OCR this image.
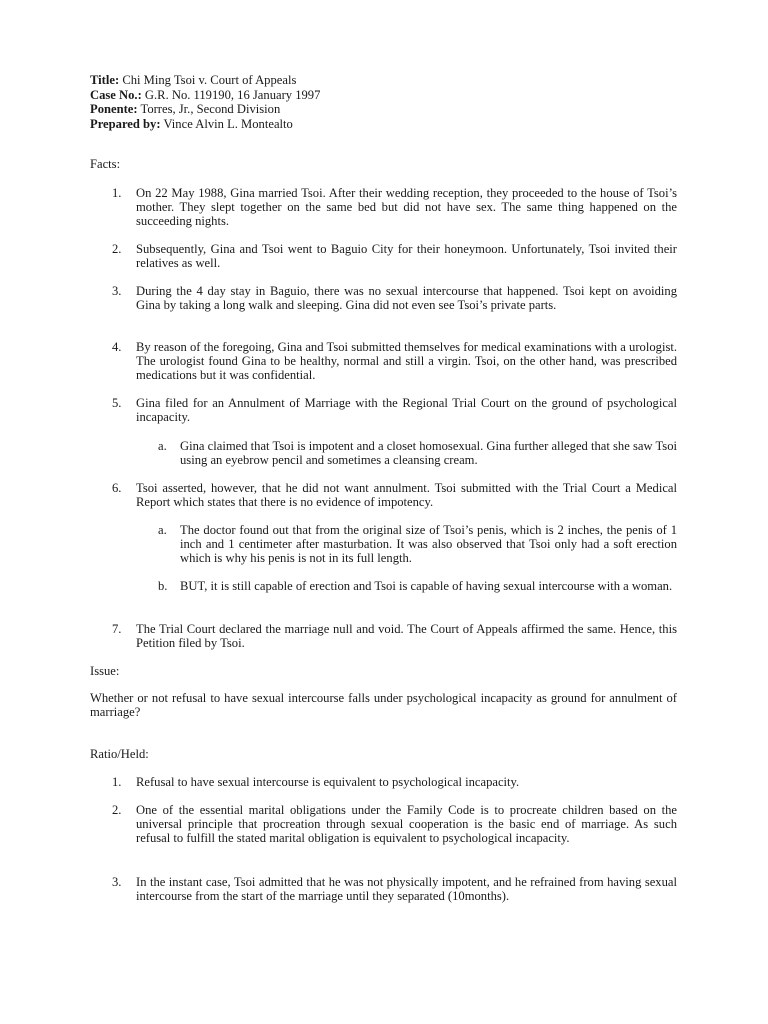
Title: Chi Ming Tsoi v. Court of Appeals
Case No.: G.R. No. 119190, 16 January 1997
Ponente: Torres, Jr., Second Division
Prepared by: Vince Alvin L. Montealto
Facts:
1. On 22 May 1988, Gina married Tsoi. After their wedding reception, they proceeded to the house of Tsoi’s mother. They slept together on the same bed but did not have sex. The same thing happened on the succeeding nights.
2. Subsequently, Gina and Tsoi went to Baguio City for their honeymoon. Unfortunately, Tsoi invited their relatives as well.
3. During the 4 day stay in Baguio, there was no sexual intercourse that happened. Tsoi kept on avoiding Gina by taking a long walk and sleeping. Gina did not even see Tsoi’s private parts.
4. By reason of the foregoing, Gina and Tsoi submitted themselves for medical examinations with a urologist. The urologist found Gina to be healthy, normal and still a virgin. Tsoi, on the other hand, was prescribed medications but it was confidential.
5. Gina filed for an Annulment of Marriage with the Regional Trial Court on the ground of psychological incapacity.
a. Gina claimed that Tsoi is impotent and a closet homosexual. Gina further alleged that she saw Tsoi using an eyebrow pencil and sometimes a cleansing cream.
6. Tsoi asserted, however, that he did not want annulment. Tsoi submitted with the Trial Court a Medical Report which states that there is no evidence of impotency.
a. The doctor found out that from the original size of Tsoi’s penis, which is 2 inches, the penis of 1 inch and 1 centimeter after masturbation. It was also observed that Tsoi only had a soft erection which is why his penis is not in its full length.
b. BUT, it is still capable of erection and Tsoi is capable of having sexual intercourse with a woman.
7. The Trial Court declared the marriage null and void. The Court of Appeals affirmed the same. Hence, this Petition filed by Tsoi.
Issue:
Whether or not refusal to have sexual intercourse falls under psychological incapacity as ground for annulment of marriage?
Ratio/Held:
1. Refusal to have sexual intercourse is equivalent to psychological incapacity.
2. One of the essential marital obligations under the Family Code is to procreate children based on the universal principle that procreation through sexual cooperation is the basic end of marriage. As such refusal to fulfill the stated marital obligation is equivalent to psychological incapacity.
3. In the instant case, Tsoi admitted that he was not physically impotent, and he refrained from having sexual intercourse from the start of the marriage until they separated (10months).
